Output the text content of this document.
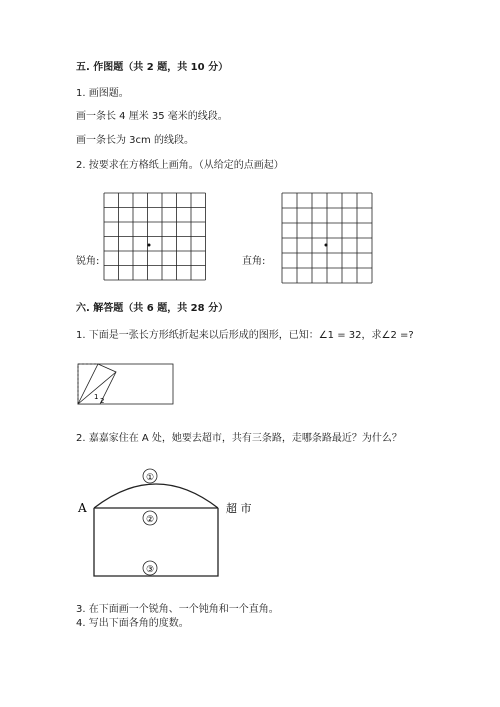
五. 作图题（共 2 题，共 10 分）
1. 画图题。
画一条长 4 厘米 35 毫米的线段。
画一条长为 3cm 的线段。
2. 按要求在方格纸上画角。（从给定的点画起）
锐角:	直角:
六. 解答题（共 6 题，共 28 分）
1. 下面是一张长方形纸折起来以后形成的图形，已知：∠1 = 32，求∠2 =?
1 2
2. 嘉嘉家住在 A 处，她要去超市，共有三条路，走哪条路最近？为什么？
①
②
③
A	超 市
3. 在下面画一个锐角、一个钝角和一个直角。
4. 写出下面各角的度数。
